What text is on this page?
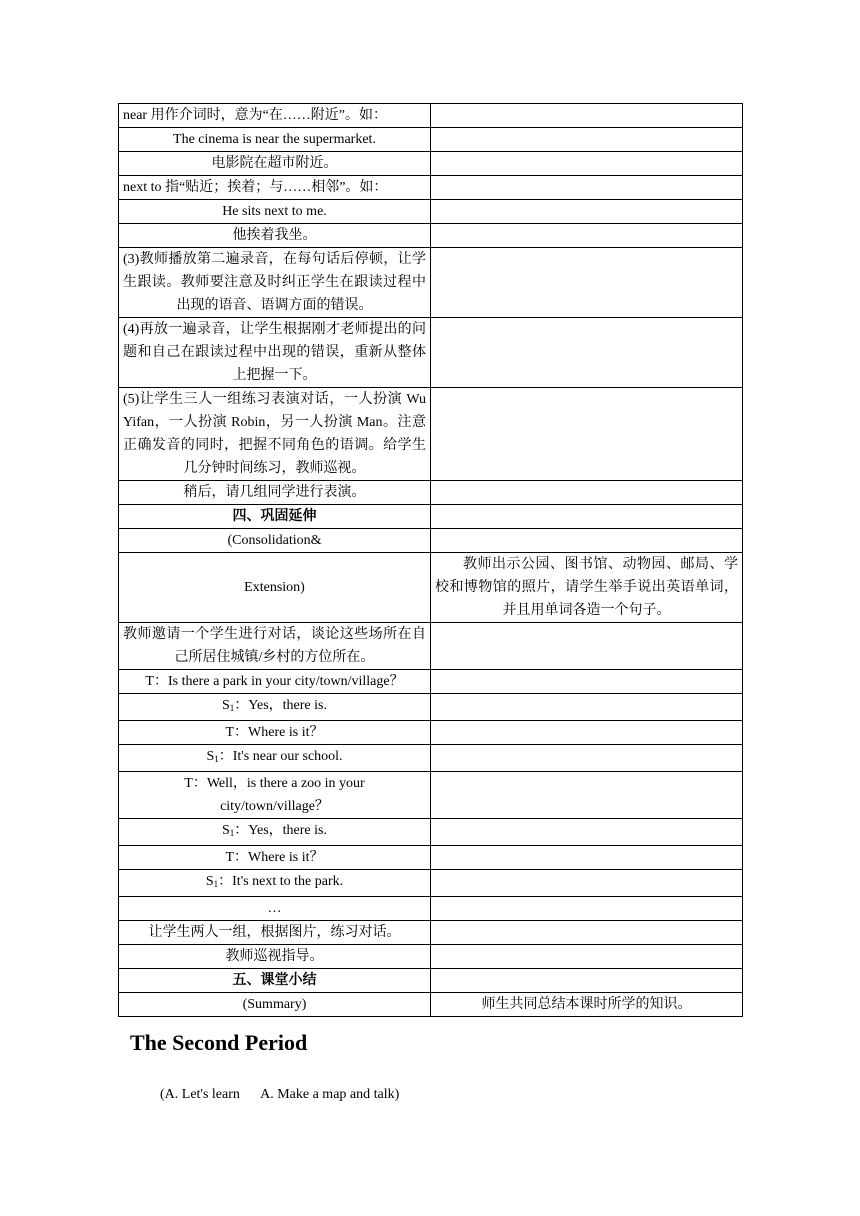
near 用作介词时，意为“在……附近”。如：	
The cinema is near the supermarket.	
电影院在超市附近。	
next to 指“贴近；挨着；与……相邻”。如：	
He sits next to me.	
他挨着我坐。	
(3)教师播放第二遍录音，在每句话后停顿，让学生跟读。教师要注意及时纠正学生在跟读过程中出现的语音、语调方面的错误。	
(4)再放一遍录音，让学生根据刚才老师提出的问题和自己在跟读过程中出现的错误，重新从整体上把握一下。	
(5)让学生三人一组练习表演对话，一人扮演 Wu Yifan，一人扮演 Robin，另一人扮演 Man。注意正确发音的同时，把握不同角色的语调。给学生几分钟时间练习，教师巡视。	
稍后，请几组同学进行表演。	
四、巩固延伸	
(Consolidation&	
Extension)	教师出示公园、图书馆、动物园、邮局、学校和博物馆的照片，请学生举手说出英语单词，并且用单词各造一个句子。
教师邀请一个学生进行对话，谈论这些场所在自己所居住城镇/乡村的方位所在。	
T：Is there a park in your city/town/village？	
$S_1$：Yes，there is.	
T：Where is it？	
$S_1$：It's near our school.	
T：Well，is there a zoo in your city/town/village？	
$S_1$：Yes，there is.	
T：Where is it？	
$S_1$：It's next to the park.	
…	
让学生两人一组，根据图片，练习对话。	
教师巡视指导。	
五、课堂小结	
(Summary)	师生共同总结本课时所学的知识。
The Second Period

(A. Let's learn      A. Make a map and talk)
